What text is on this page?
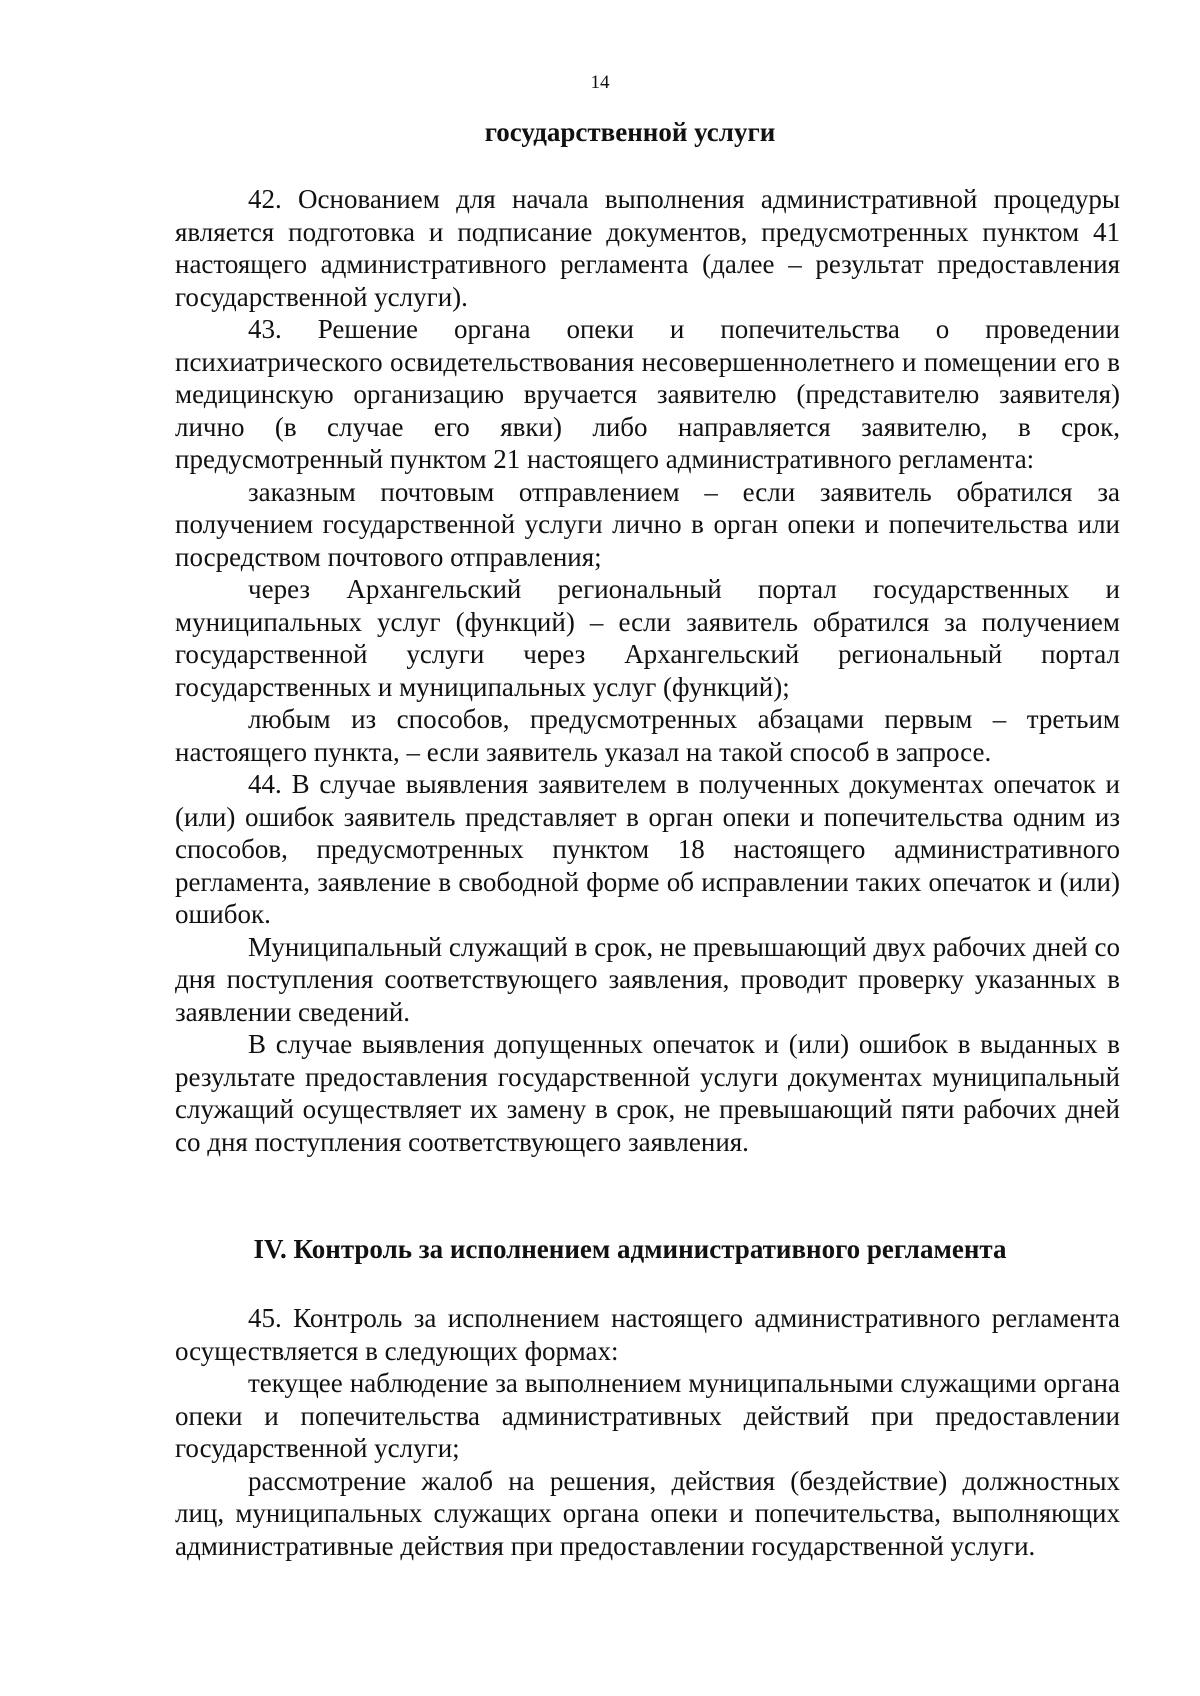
14
государственной услуги

42. Основанием для начала выполнения административной процедуры является подготовка и подписание документов, предусмотренных пунктом 41 настоящего административного регламента (далее – результат предоставления государственной услуги).

43. Решение органа опеки и попечительства о проведении психиатрического освидетельствования несовершеннолетнего и помещении его в медицинскую организацию вручается заявителю (представителю заявителя) лично (в случае его явки) либо направляется заявителю, в срок, предусмотренный пунктом 21 настоящего административного регламента:

заказным почтовым отправлением – если заявитель обратился за получением государственной услуги лично в орган опеки и попечительства или посредством почтового отправления;

через Архангельский региональный портал государственных и муниципальных услуг (функций) – если заявитель обратился за получением государственной услуги через Архангельский региональный портал государственных и муниципальных услуг (функций);

любым из способов, предусмотренных абзацами первым – третьим настоящего пункта, – если заявитель указал на такой способ в запросе.

44. В случае выявления заявителем в полученных документах опечаток и (или) ошибок заявитель представляет в орган опеки и попечительства одним из способов, предусмотренных пунктом 18 настоящего административного регламента, заявление в свободной форме об исправлении таких опечаток и (или) ошибок.

Муниципальный служащий в срок, не превышающий двух рабочих дней со дня поступления соответствующего заявления, проводит проверку указанных в заявлении сведений.

В случае выявления допущенных опечаток и (или) ошибок в выданных в результате предоставления государственной услуги документах муниципальный служащий осуществляет их замену в срок, не превышающий пяти рабочих дней со дня поступления соответствующего заявления.

IV. Контроль за исполнением административного регламента

45. Контроль за исполнением настоящего административного регламента осуществляется в следующих формах:

текущее наблюдение за выполнением муниципальными служащими органа опеки и попечительства административных действий при предоставлении государственной услуги;

рассмотрение жалоб на решения, действия (бездействие) должностных лиц, муниципальных служащих органа опеки и попечительства, выполняющих административные действия при предоставлении государственной услуги.
